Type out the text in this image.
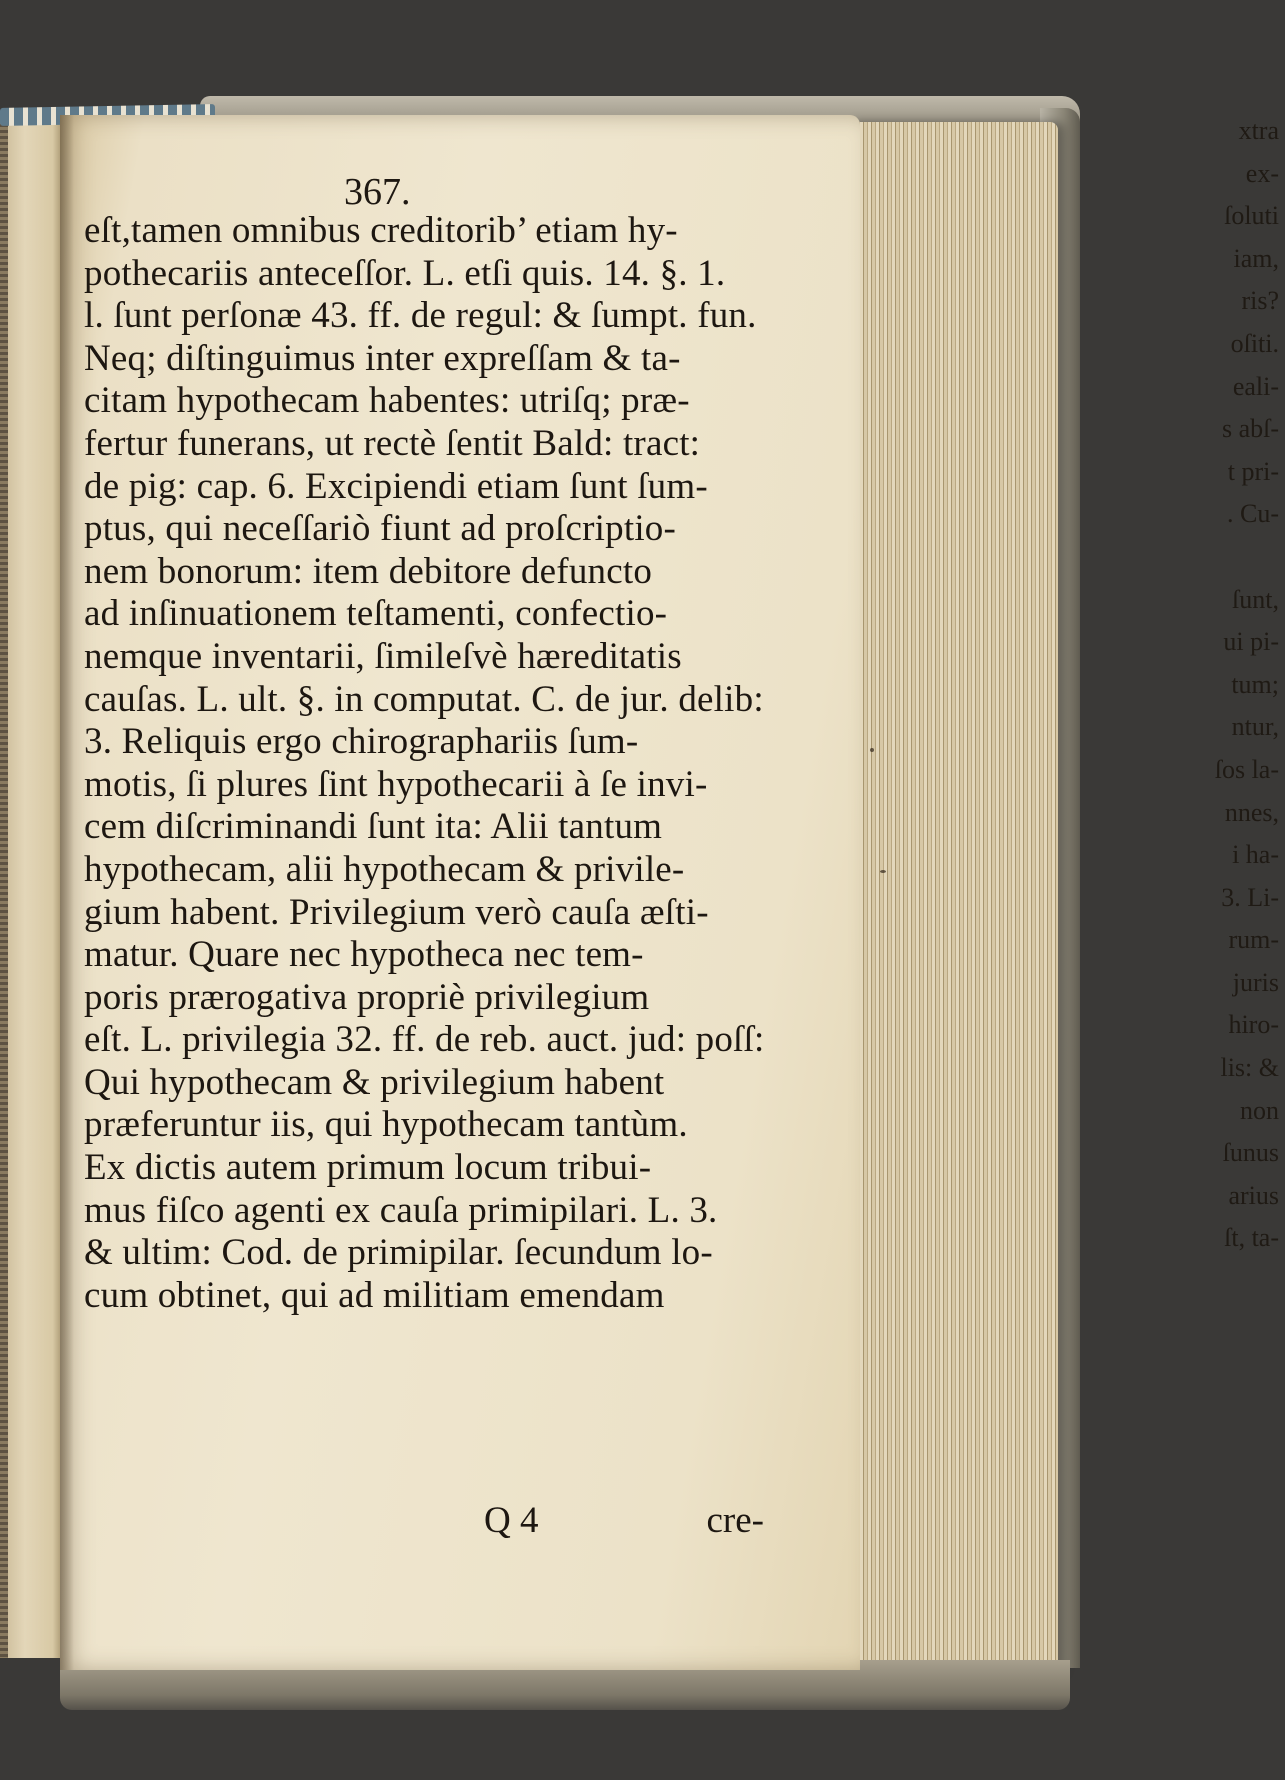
xtra
ex-
ſoluti
iam,
ris?
oſiti.
eali-
s abſ-
t pri-
. Cu-

ſunt,
ui pi-
tum;
ntur,
ſos la-
nnes,
i ha-
3. Li-
rum-
juris
hiro-
lis: &
non
ſunus
arius
ſt, ta-
367.
eſt,tamen omnibus creditorib’ etiam hy-
pothecariis anteceſſor. L. etſi quis. 14. §. 1.
l. ſunt perſonæ 43. ff. de regul: & ſumpt. fun.
Neq; diſtinguimus inter expreſſam & ta-
citam hypothecam habentes: utriſq; præ-
fertur funerans, ut rectè ſentit Bald: tract:
de pig: cap. 6. Excipiendi etiam ſunt ſum-
ptus, qui neceſſariò fiunt ad proſcriptio-
nem bonorum: item debitore defuncto
ad inſinuationem teſtamenti, confectio-
nemque inventarii, ſimileſvè hæreditatis
cauſas. L. ult. §. in computat. C. de jur. delib:
3. Reliquis ergo chirographariis ſum-
motis, ſi plures ſint hypothecarii à ſe invi-
cem diſcriminandi ſunt ita: Alii tantum
hypothecam, alii hypothecam & privile-
gium habent. Privilegium verò cauſa æſti-
matur. Quare nec hypotheca nec tem-
poris prærogativa propriè privilegium
eſt. L. privilegia 32. ff. de reb. auct. jud: poſſ:
Qui hypothecam & privilegium habent
præferuntur iis, qui hypothecam tantùm.
Ex dictis autem primum locum tribui-
mus fiſco agenti ex cauſa primipilari. L. 3.
& ultim: Cod. de primipilar. ſecundum lo-
cum obtinet, qui ad militiam emendam
Q 4	cre-
